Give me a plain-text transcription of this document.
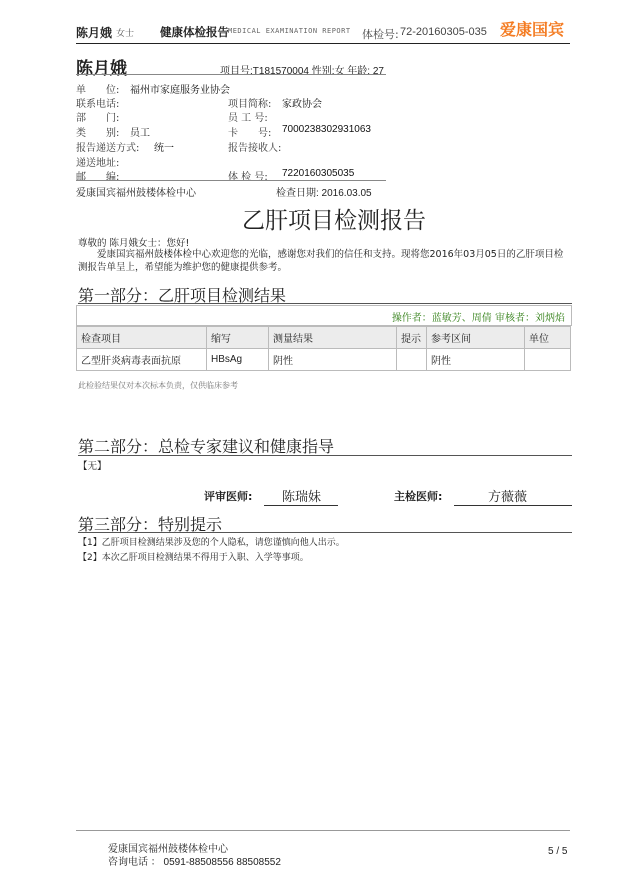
陈月娥 女士 健康体检报告 MEDICAL EXAMINATION REPORT 体检号: 72-20160305-035 爱康国宾
陈月娥	项目号:T181570004 性别:女 年龄: 27
单　　位: 福州市家庭服务业协会
联系电话:
部　　门:
类　　别: 员工
报告递送方式: 统一
递送地址:
邮　　编:
项目简称: 家政协会
员 工 号:
卡　　号: 7000238302931063
报告接收人:
体 检 号: 7220160305035
爱康国宾福州鼓楼体检中心	检查日期: 2016.03.05
乙肝项目检测报告
尊敬的 陈月娥女士：您好!
爱康国宾福州鼓楼体检中心欢迎您的光临，感谢您对我们的信任和支持。现将您2016年03月05日的乙肝项目检测报告单呈上，希望能为维护您的健康提供参考。
第一部分：乙肝项目检测结果
操作者：蓝敏芳、周倩 审核者：刘炳焰
检查项目	缩写	测量结果	提示	参考区间	单位
乙型肝炎病毒表面抗原	HBsAg	阴性		阴性	
此检验结果仅对本次标本负责，仅供临床参考
第二部分：总检专家建议和健康指导
【无】
评审医师: 陈瑞妹	主检医师:	方薇薇
第三部分：特别提示
【1】乙肝项目检测结果涉及您的个人隐私，请您谨慎向他人出示。
【2】本次乙肝项目检测结果不得用于入职、入学等事项。
爱康国宾福州鼓楼体检中心
咨询电话 ： 0591-88508556 88508552
5 / 5
